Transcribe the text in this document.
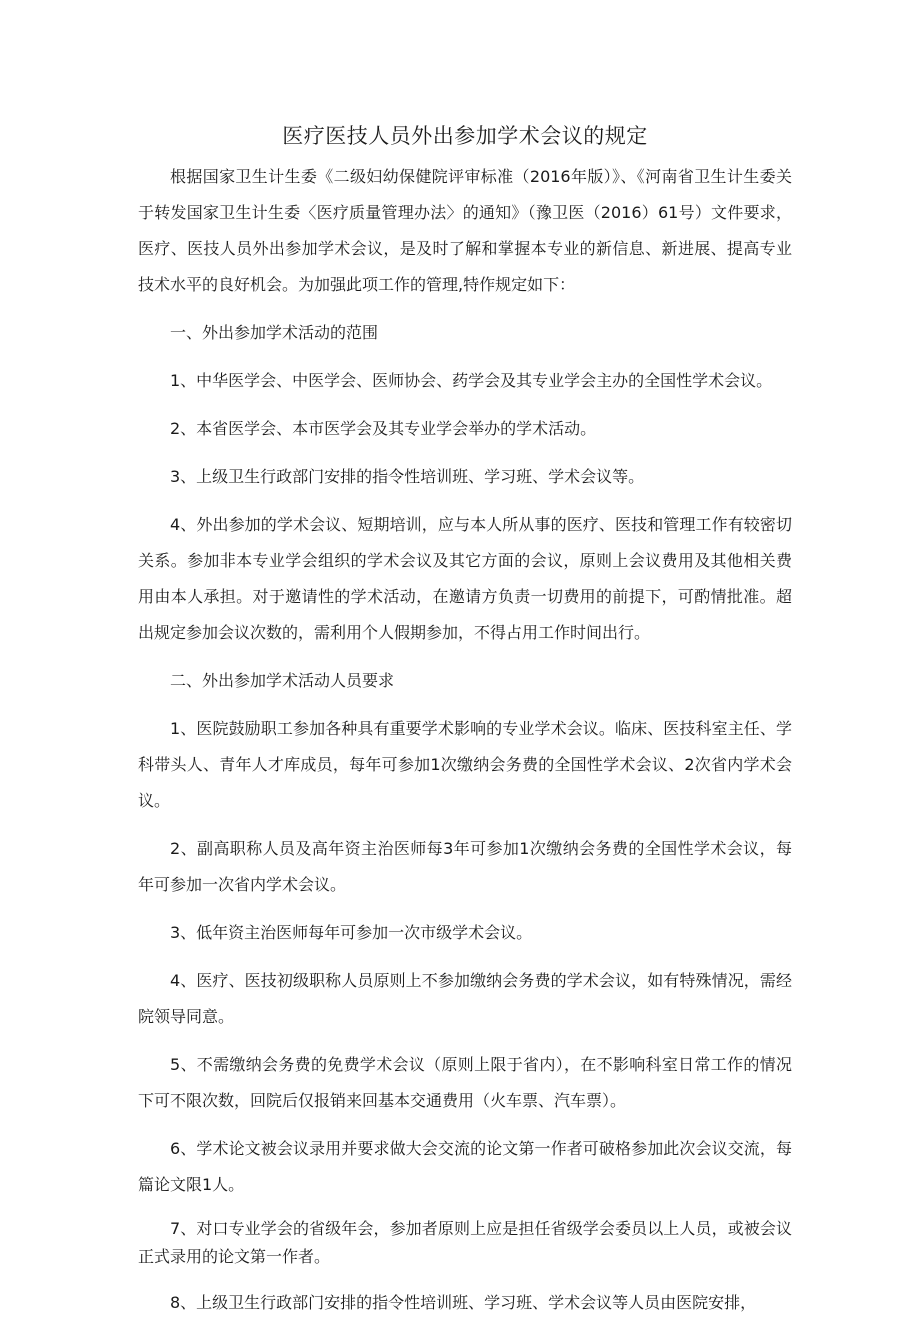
医疗医技人员外出参加学术会议的规定

根据国家卫生计生委《二级妇幼保健院评审标准（2016年版）》、《河南省卫生计生委关于转发国家卫生计生委〈医疗质量管理办法〉的通知》（豫卫医（2016）61号）文件要求，医疗、医技人员外出参加学术会议，是及时了解和掌握本专业的新信息、新进展、提高专业技术水平的良好机会。为加强此项工作的管理,特作规定如下：

一、外出参加学术活动的范围

1、中华医学会、中医学会、医师协会、药学会及其专业学会主办的全国性学术会议。

2、本省医学会、本市医学会及其专业学会举办的学术活动。

3、上级卫生行政部门安排的指令性培训班、学习班、学术会议等。

4、外出参加的学术会议、短期培训，应与本人所从事的医疗、医技和管理工作有较密切关系。参加非本专业学会组织的学术会议及其它方面的会议，原则上会议费用及其他相关费用由本人承担。对于邀请性的学术活动，在邀请方负责一切费用的前提下，可酌情批准。超出规定参加会议次数的，需利用个人假期参加，不得占用工作时间出行。

二、外出参加学术活动人员要求

1、医院鼓励职工参加各种具有重要学术影响的专业学术会议。临床、医技科室主任、学科带头人、青年人才库成员，每年可参加1次缴纳会务费的全国性学术会议、2次省内学术会议。

2、副高职称人员及高年资主治医师每3年可参加1次缴纳会务费的全国性学术会议，每年可参加一次省内学术会议。

3、低年资主治医师每年可参加一次市级学术会议。

4、医疗、医技初级职称人员原则上不参加缴纳会务费的学术会议，如有特殊情况，需经院领导同意。

5、不需缴纳会务费的免费学术会议（原则上限于省内），在不影响科室日常工作的情况下可不限次数，回院后仅报销来回基本交通费用（火车票、汽车票）。

6、学术论文被会议录用并要求做大会交流的论文第一作者可破格参加此次会议交流，每篇论文限1人。

7、对口专业学会的省级年会，参加者原则上应是担任省级学会委员以上人员，或被会议正式录用的论文第一作者。

8、上级卫生行政部门安排的指令性培训班、学习班、学术会议等人员由医院安排，
